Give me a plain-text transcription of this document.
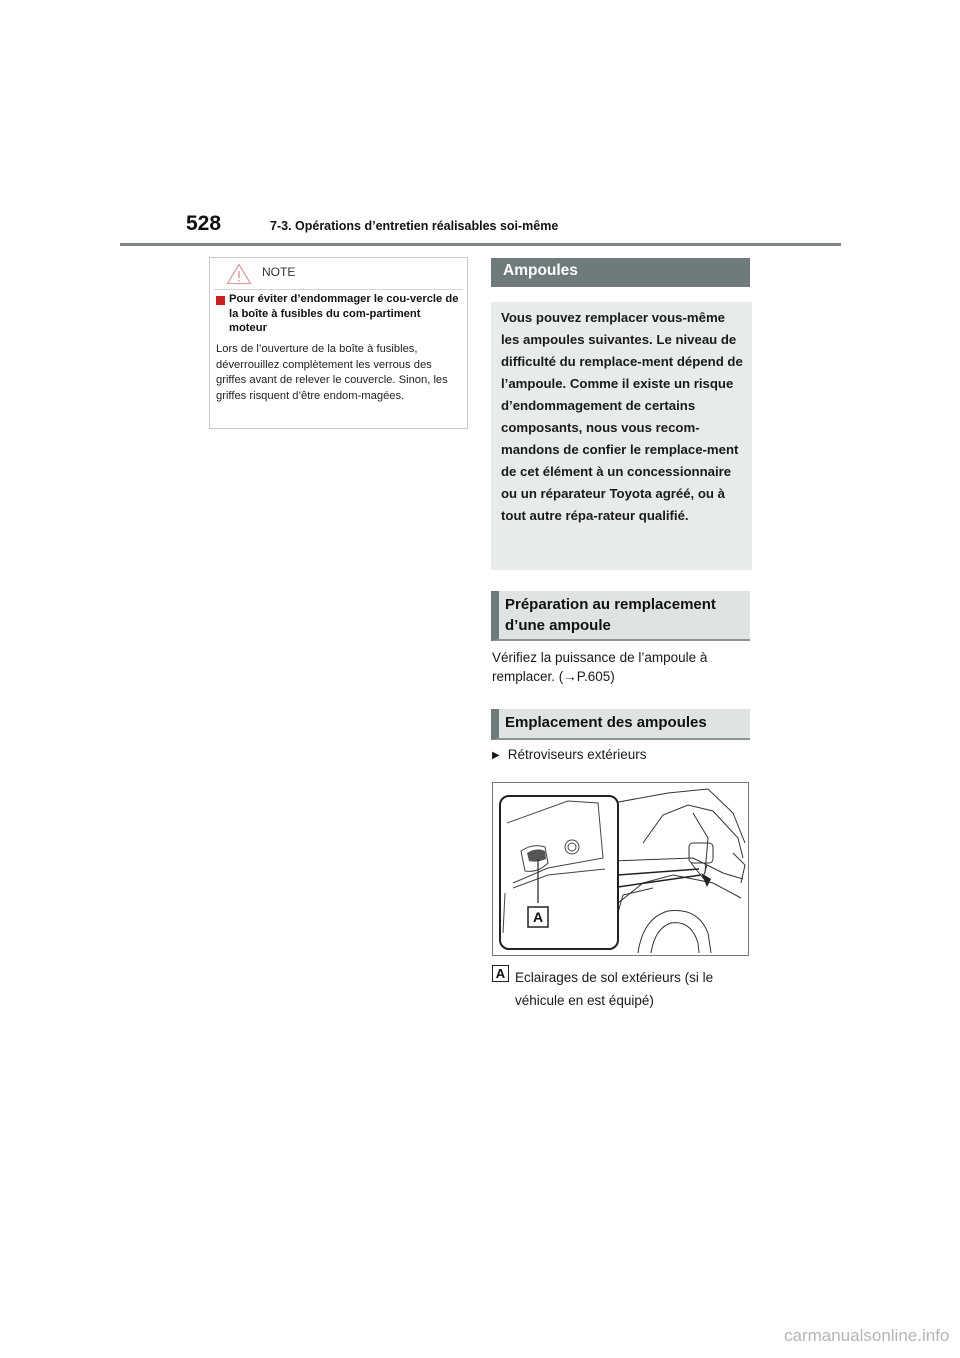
528	7-3. Opérations d’entretien réalisables soi-même
NOTE
Pour éviter d’endommager le cou-vercle de la boîte à fusibles du com-partiment moteur
Lors de l’ouverture de la boîte à fusibles, déverrouillez complètement les verrous des griffes avant de relever le couvercle. Sinon, les griffes risquent d’être endom-magées.
Ampoules
Vous pouvez remplacer vous-même les ampoules suivantes. Le niveau de difficulté du remplace-ment dépend de l’ampoule. Comme il existe un risque d’endommagement de certains composants, nous vous recom-mandons de confier le remplace-ment de cet élément à un concessionnaire ou un réparateur Toyota agréé, ou à tout autre répa-rateur qualifié.
Préparation au remplacement d’une ampoule
Vérifiez la puissance de l’ampoule à remplacer. (→P.605)
Emplacement des ampoules
▶ Rétroviseurs extérieurs
A
A Eclairages de sol extérieurs (si le véhicule en est équipé)
carmanualsonline.info
